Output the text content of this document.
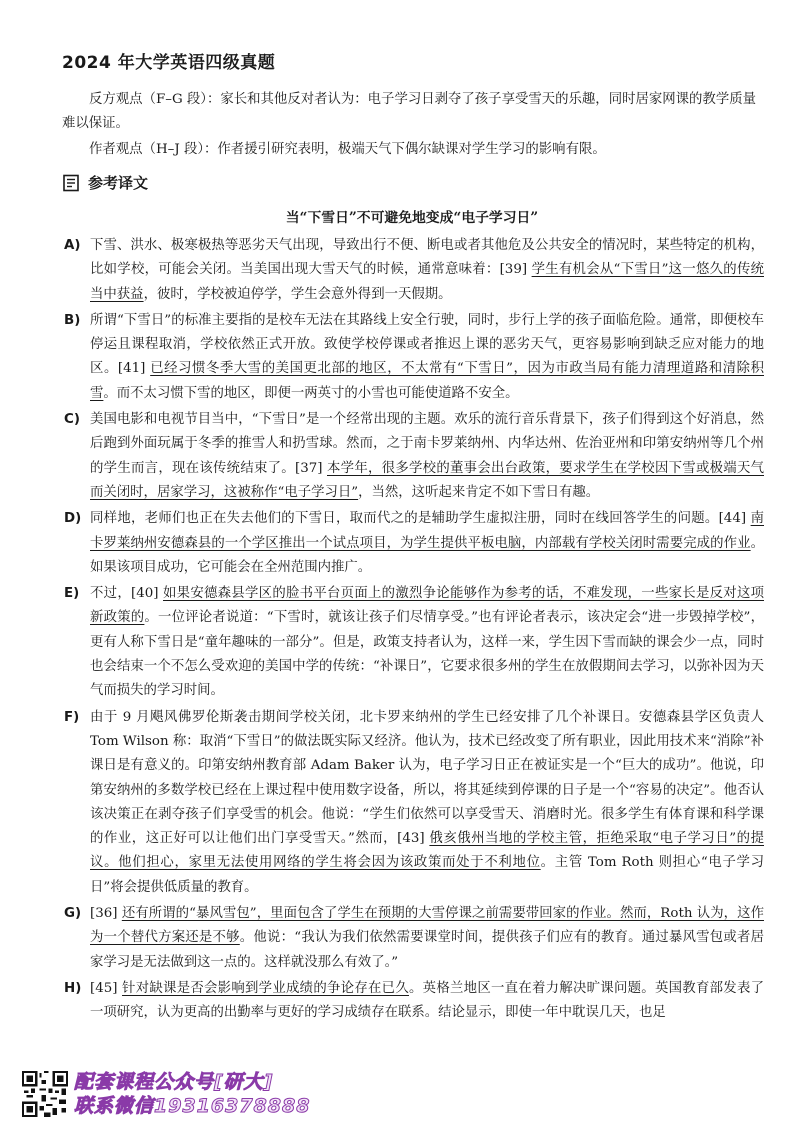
2024 年大学英语四级真题

反方观点（F–G 段）：家长和其他反对者认为：电子学习日剥夺了孩子享受雪天的乐趣，同时居家网课的教学质量难以保证。

作者观点（H–J 段）：作者援引研究表明，极端天气下偶尔缺课对学生学习的影响有限。

参考译文
当“下雪日”不可避免地变成“电子学习日”
A) 下雪、洪水、极寒极热等恶劣天气出现，导致出行不便、断电或者其他危及公共安全的情况时，某些特定的机构，比如学校，可能会关闭。当美国出现大雪天气的时候，通常意味着：[39] 学生有机会从“下雪日”这一悠久的传统当中获益，彼时，学校被迫停学，学生会意外得到一天假期。
B) 所谓“下雪日”的标准主要指的是校车无法在其路线上安全行驶，同时，步行上学的孩子面临危险。通常，即便校车停运且课程取消，学校依然正式开放。致使学校停课或者推迟上课的恶劣天气，更容易影响到缺乏应对能力的地区。[41] 已经习惯冬季大雪的美国更北部的地区，不太常有“下雪日”，因为市政当局有能力清理道路和清除积雪。而不太习惯下雪的地区，即便一两英寸的小雪也可能使道路不安全。
C) 美国电影和电视节目当中，“下雪日”是一个经常出现的主题。欢乐的流行音乐背景下，孩子们得到这个好消息，然后跑到外面玩属于冬季的推雪人和扔雪球。然而，之于南卡罗莱纳州、内华达州、佐治亚州和印第安纳州等几个州的学生而言，现在该传统结束了。[37] 本学年，很多学校的董事会出台政策，要求学生在学校因下雪或极端天气而关闭时，居家学习，这被称作“电子学习日”，当然，这听起来肯定不如下雪日有趣。
D) 同样地，老师们也正在失去他们的下雪日，取而代之的是辅助学生虚拟注册，同时在线回答学生的问题。[44] 南卡罗莱纳州安德森县的一个学区推出一个试点项目，为学生提供平板电脑，内部载有学校关闭时需要完成的作业。如果该项目成功，它可能会在全州范围内推广。
E) 不过，[40] 如果安德森县学区的脸书平台页面上的激烈争论能够作为参考的话，不难发现，一些家长是反对这项新政策的。一位评论者说道：“下雪时，就该让孩子们尽情享受。”也有评论者表示，该决定会“进一步毁掉学校”，更有人称下雪日是“童年趣味的一部分”。但是，政策支持者认为，这样一来，学生因下雪而缺的课会少一点，同时也会结束一个不怎么受欢迎的美国中学的传统：“补课日”，它要求很多州的学生在放假期间去学习，以弥补因为天气而损失的学习时间。
F) 由于 9 月飓风佛罗伦斯袭击期间学校关闭，北卡罗来纳州的学生已经安排了几个补课日。安德森县学区负责人 Tom Wilson 称：取消“下雪日”的做法既实际又经济。他认为，技术已经改变了所有职业，因此用技术来“消除”补课日是有意义的。印第安纳州教育部 Adam Baker 认为，电子学习日正在被证实是一个“巨大的成功”。他说，印第安纳州的多数学校已经在上课过程中使用数字设备，所以，将其延续到停课的日子是一个“容易的决定”。他否认该决策正在剥夺孩子们享受雪的机会。他说：“学生们依然可以享受雪天、消磨时光。很多学生有体育课和科学课的作业，这正好可以让他们出门享受雪天。”然而，[43] 俄亥俄州当地的学校主管，拒绝采取“电子学习日”的提议。他们担心，家里无法使用网络的学生将会因为该政策而处于不利地位。主管 Tom Roth 则担心“电子学习日”将会提供低质量的教育。
G) [36] 还有所谓的“暴风雪包”，里面包含了学生在预期的大雪停课之前需要带回家的作业。然而，Roth 认为，这作为一个替代方案还是不够。他说：“我认为我们依然需要课堂时间，提供孩子们应有的教育。通过暴风雪包或者居家学习是无法做到这一点的。这样就没那么有效了。”
H) [45] 针对缺课是否会影响到学业成绩的争论存在已久。英格兰地区一直在着力解决旷课问题。英国教育部发表了一项研究，认为更高的出勤率与更好的学习成绩存在联系。结论显示，即使一年中耽误几天，也足
配套课程公众号[研大]
联系微信19316378888
